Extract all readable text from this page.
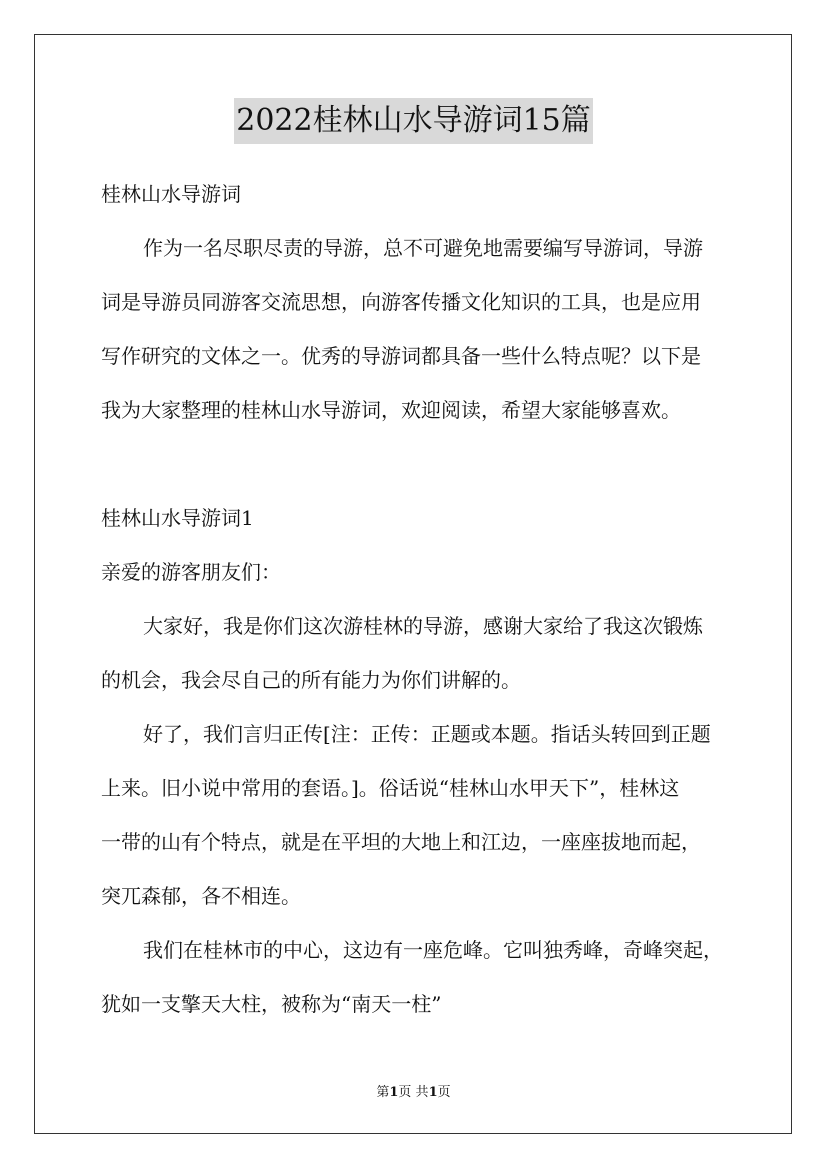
2022桂林山水导游词15篇
桂林山水导游词
作为一名尽职尽责的导游，总不可避免地需要编写导游词，导游
词是导游员同游客交流思想，向游客传播文化知识的工具，也是应用
写作研究的文体之一。优秀的导游词都具备一些什么特点呢？以下是
我为大家整理的桂林山水导游词，欢迎阅读，希望大家能够喜欢。
桂林山水导游词1
亲爱的游客朋友们：
大家好，我是你们这次游桂林的导游，感谢大家给了我这次锻炼
的机会，我会尽自己的所有能力为你们讲解的。
好了，我们言归正传[注：正传：正题或本题。指话头转回到正题
上来。旧小说中常用的套语。]。俗话说“桂林山水甲天下”，桂林这
一带的山有个特点，就是在平坦的大地上和江边，一座座拔地而起，
突兀森郁，各不相连。
我们在桂林市的中心，这边有一座危峰。它叫独秀峰，奇峰突起，
犹如一支擎天大柱，被称为“南天一柱”
第1页 共1页
